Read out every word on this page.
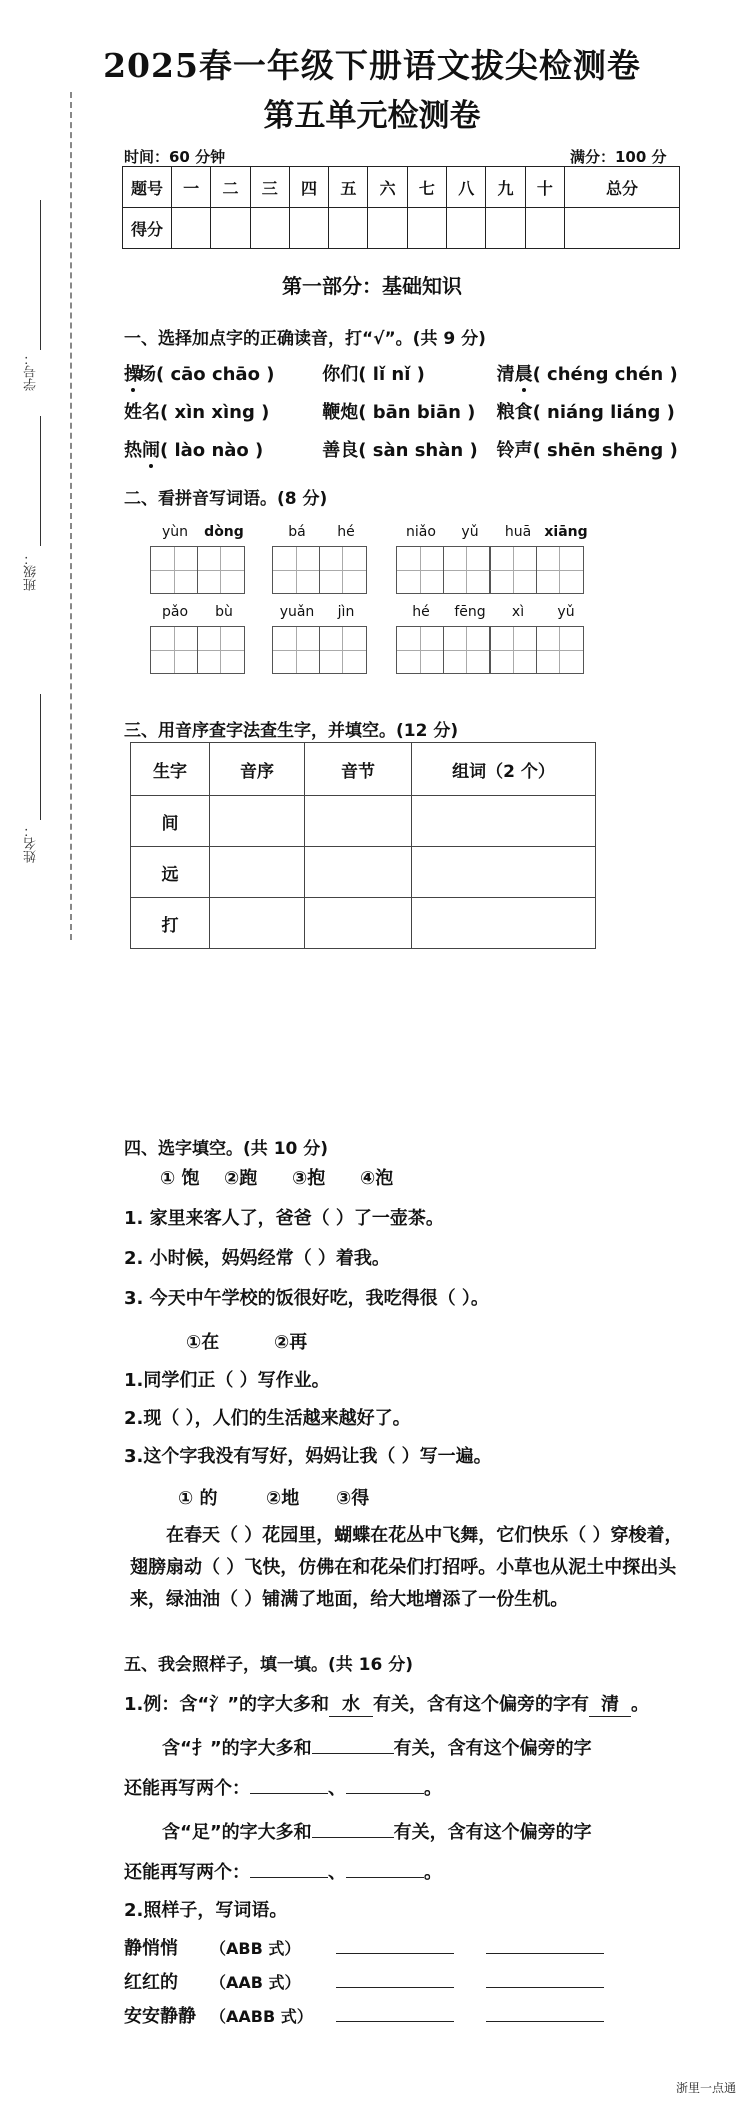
2025春一年级下册语文拔尖检测卷
第五单元检测卷
时间：60 分钟	满分：100 分
学号：
班级：
姓名：
题号	一	二	三	四	五	六	七	八	九	十	总分
得分											
第一部分：基础知识
一、选择加点字的正确读音，打“√”。(共 9 分)
操场( cāo chāo )	你们( lǐ nǐ )	清晨( chéng chén )
姓名( xìn xìng )	鞭炮( bān biān ) 粮食( niáng liáng )
热闹( lào nào )	善良( sàn shàn ) 铃声( shēn shēng )
二、看拼音写词语。(8 分)
yùn	dòng	bá	hé	niǎo	yǔ	huā xiāng
pǎo	bù	yuǎn	jìn	hé	fēng	xì	yǔ
三、用音序查字法查生字，并填空。(12 分)
生字	音序	音节	组词（2 个）
间			
远			
打			
四、选字填空。(共 10 分)
① 饱 ②跑 ③抱 ④泡
1. 家里来客人了，爸爸（ ）了一壶茶。
2. 小时候，妈妈经常（ ）着我。
3. 今天中午学校的饭很好吃，我吃得很（ ）。
①在	②再
1.同学们正（ ）写作业。
2.现（ ），人们的生活越来越好了。
3.这个字我没有写好，妈妈让我（ ）写一遍。
① 的	②地 ③得
在春天（ ）花园里，蝴蝶在花丛中飞舞，它们快乐（ ）穿梭着，翅膀扇动（ ）飞快，仿佛在和花朵们打招呼。小草也从泥土中探出头来，绿油油（ ）铺满了地面，给大地增添了一份生机。
五、我会照样子，填一填。(共 16 分)
1.例：含“氵”的字大多和 水 有关，含有这个偏旁的字有 清 。
含“扌”的字大多和	有关，含有这个偏旁的字
还能再写两个：	、	。
含“足”的字大多和	有关，含有这个偏旁的字
还能再写两个：	、	。
2.照样子，写词语。
静悄悄 （ABB 式）
红红的 （AAB 式）
安安静静 （AABB 式）
浙里一点通
